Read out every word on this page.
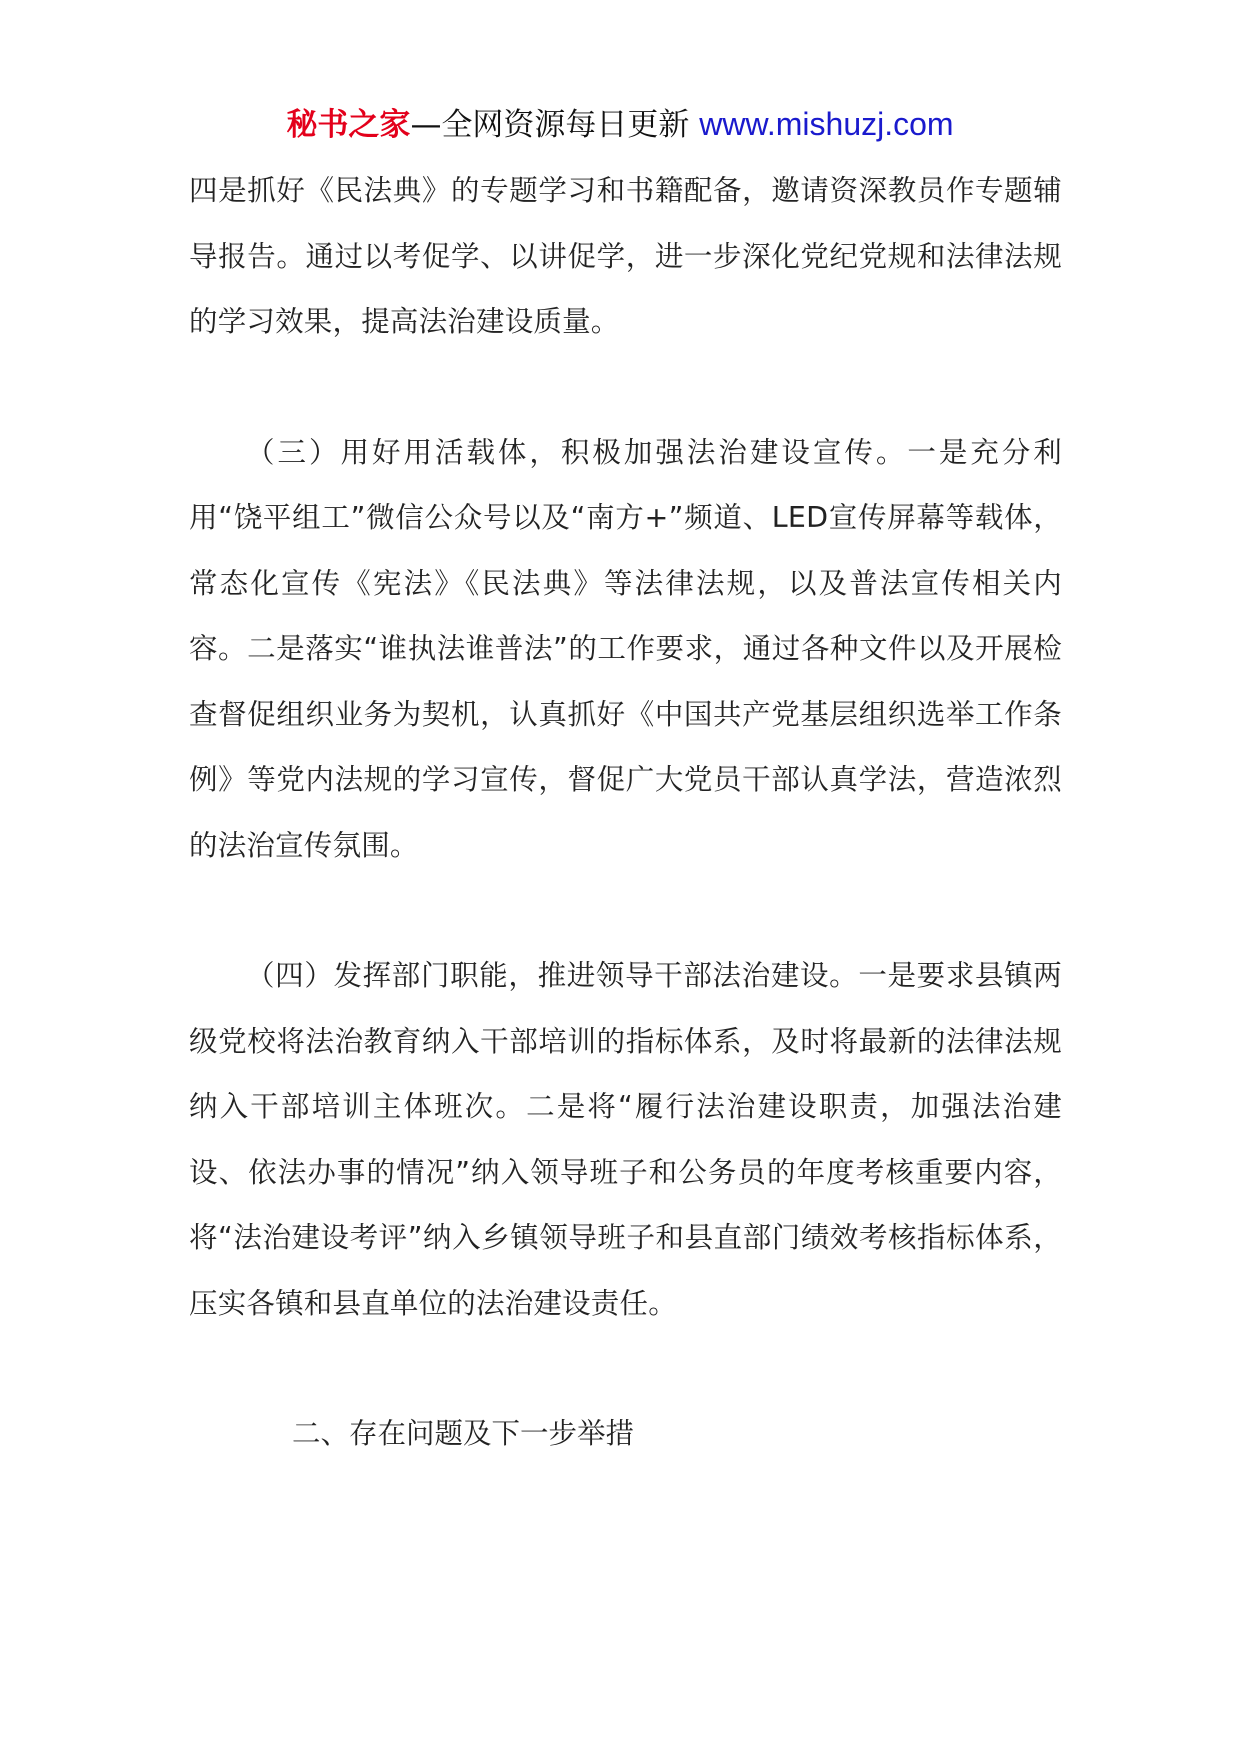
秘书之家—全网资源每日更新 www.mishuzj.com

四是抓好《民法典》的专题学习和书籍配备，邀请资深教员作专题辅导报告。通过以考促学、以讲促学，进一步深化党纪党规和法律法规的学习效果，提高法治建设质量。

（三）用好用活载体，积极加强法治建设宣传。一是充分利用“饶平组工”微信公众号以及“南方+”频道、LED宣传屏幕等载体，常态化宣传《宪法》《民法典》等法律法规，以及普法宣传相关内容。二是落实“谁执法谁普法”的工作要求，通过各种文件以及开展检查督促组织业务为契机，认真抓好《中国共产党基层组织选举工作条例》等党内法规的学习宣传，督促广大党员干部认真学法，营造浓烈的法治宣传氛围。

（四）发挥部门职能，推进领导干部法治建设。一是要求县镇两级党校将法治教育纳入干部培训的指标体系，及时将最新的法律法规纳入干部培训主体班次。二是将“履行法治建设职责，加强法治建设、依法办事的情况”纳入领导班子和公务员的年度考核重要内容，将“法治建设考评”纳入乡镇领导班子和县直部门绩效考核指标体系，压实各镇和县直单位的法治建设责任。

二、存在问题及下一步举措
